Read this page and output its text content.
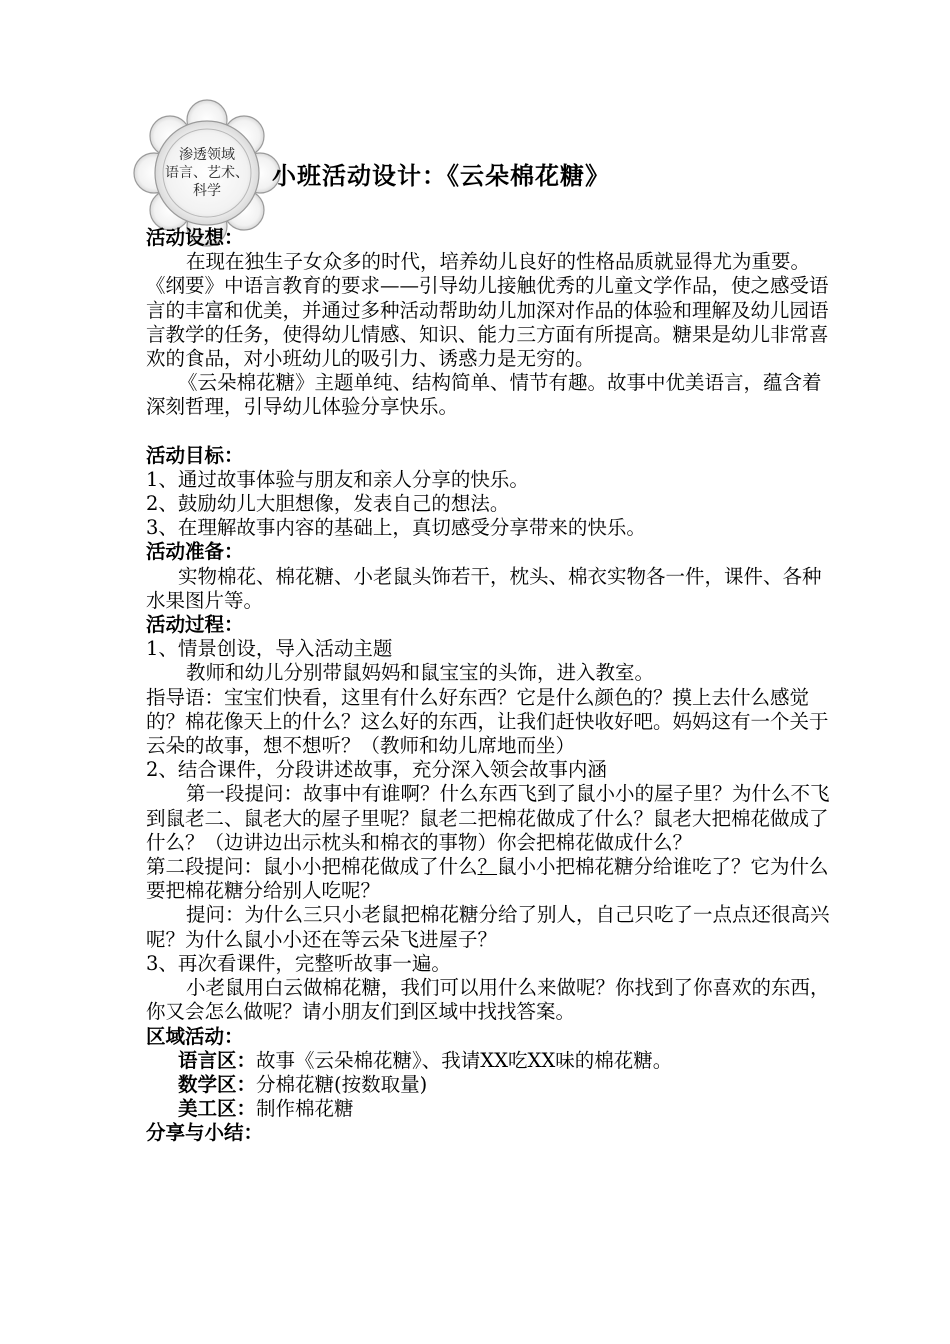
渗透领域
语言、艺术、
科学
小班活动设计：《云朵棉花糖》

活动设想：

在现在独生子女众多的时代，培养幼儿良好的性格品质就显得尤为重要。《纲要》中语言教育的要求——引导幼儿接触优秀的儿童文学作品，使之感受语言的丰富和优美，并通过多种活动帮助幼儿加深对作品的体验和理解及幼儿园语言教学的任务，使得幼儿情感、知识、能力三方面有所提高。糖果是幼儿非常喜欢的食品，对小班幼儿的吸引力、诱惑力是无穷的。

《云朵棉花糖》主题单纯、结构简单、情节有趣。故事中优美语言，蕴含着深刻哲理，引导幼儿体验分享快乐。

活动目标：

1、通过故事体验与朋友和亲人分享的快乐。

2、鼓励幼儿大胆想像，发表自己的想法。

3、在理解故事内容的基础上，真切感受分享带来的快乐。

活动准备：

实物棉花、棉花糖、小老鼠头饰若干，枕头、棉衣实物各一件，课件、各种水果图片等。

活动过程：

1、情景创设，导入活动主题

教师和幼儿分别带鼠妈妈和鼠宝宝的头饰，进入教室。

指导语：宝宝们快看，这里有什么好东西？它是什么颜色的？摸上去什么感觉的？棉花像天上的什么？这么好的东西，让我们赶快收好吧。妈妈这有一个关于云朵的故事，想不想听？（教师和幼儿席地而坐）

2、结合课件，分段讲述故事，充分深入领会故事内涵

第一段提问：故事中有谁啊？什么东西飞到了鼠小小的屋子里？为什么不飞到鼠老二、鼠老大的屋子里呢？鼠老二把棉花做成了什么？鼠老大把棉花做成了什么？（边讲边出示枕头和棉衣的事物）你会把棉花做成什么？

第二段提问：鼠小小把棉花做成了什么？鼠小小把棉花糖分给谁吃了？它为什么要把棉花糖分给别人吃呢？

提问：为什么三只小老鼠把棉花糖分给了别人，自己只吃了一点点还很高兴呢？为什么鼠小小还在等云朵飞进屋子？

3、再次看课件，完整听故事一遍。

小老鼠用白云做棉花糖，我们可以用什么来做呢？你找到了你喜欢的东西，你又会怎么做呢？请小朋友们到区域中找找答案。

区域活动：

语言区：故事《云朵棉花糖》、我请XX吃XX味的棉花糖。

数学区：分棉花糖(按数取量)

美工区：制作棉花糖

分享与小结：
